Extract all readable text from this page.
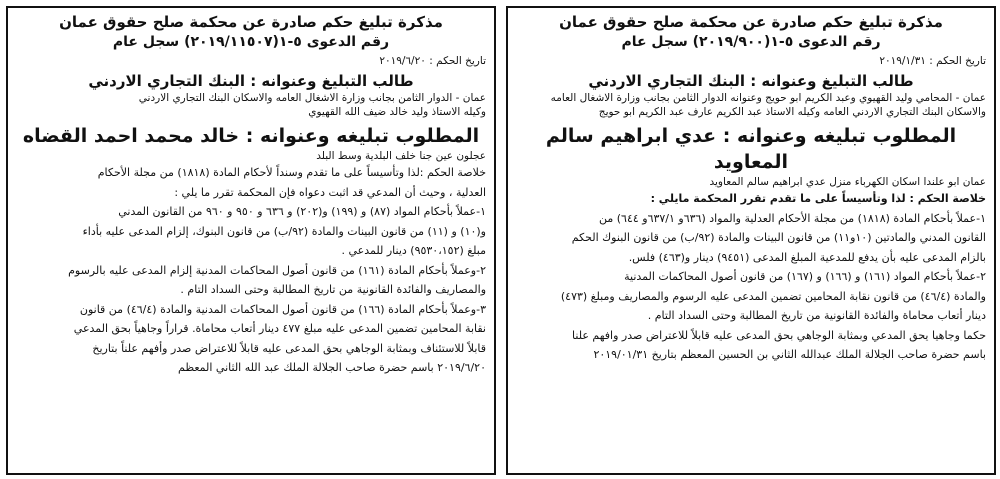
مذكرة تبليغ حكم صادرة عن محكمة صلح حقوق عمان
رقم الدعوى ٥-١(٢٠١٩/٩٠٠) سجل عام
تاريخ الحكم : ٢٠١٩/١/٣١
طالب التبليغ وعنوانه : البنك التجاري الاردني
عمان - المحامي وليد القهيوي وعبد الكريم ابو حويج وعنوانه الدوار الثامن بجانب وزارة الاشغال العامه
والاسكان البنك التجاري الاردني العامه وكيله الاستاذ عبد الكريم عارف عبد الكريم ابو حويج
المطلوب تبليغه وعنوانه : عدي ابراهيم سالم المعاويد
عمان ابو علندا اسكان الكهرباء منزل عدي ابراهيم سالم المعاويد
خلاصة الحكم : لذا وتأسيساً على ما تقدم تقرر المحكمة مايلي :
١-عملاً بأحكام المادة (١٨١٨) من مجلة الأحكام العدلية والمواد (٦٣٦و ٦٣٧/١و ٦٤٤) من
القانون المدني والمادتين (١٠و١١) من قانون البينات والمادة (٩٢/ب) من قانون البنوك الحكم
بالزام المدعى عليه بأن يدفع للمدعية المبلغ المدعى (٩٤٥١) دينار و(٤٦٣) فلس.
٢-عملاً بأحكام المواد (١٦١) و (١٦٦) و (١٦٧) من قانون أصول المحاكمات المدنية
والمادة (٤٦/٤) من قانون نقابة المحامين تضمين المدعى عليه الرسوم والمصاريف ومبلغ (٤٧٣)
دينار أتعاب محاماة والفائدة القانونية من تاريخ المطالبة وحتى السداد التام .
حكما وجاهيا يحق المدعي وبمثابة الوجاهي بحق المدعى عليه قابلاً للاعتراض صدر وافهم علنا
باسم حضرة صاحب الجلالة الملك عبدالله الثاني بن الحسين المعظم بتاريخ ٢٠١٩/٠١/٣١
مذكرة تبليغ حكم صادرة عن محكمة صلح حقوق عمان
رقم الدعوى ٥-١(٢٠١٩/١١٥٠٧) سجل عام
تاريخ الحكم : ٢٠١٩/٦/٢٠
طالب التبليغ وعنوانه : البنك التجاري الاردني
عمان - الدوار الثامن بجانب وزارة الاشغال العامه والاسكان البنك التجاري الاردني
وكيله الاستاذ وليد خالد ضيف الله القهيوي
المطلوب تبليغه وعنوانه : خالد محمد احمد القضاه
عجلون عين جنا خلف البلدية وسط البلد
خلاصة الحكم :لذا وتأسيساً على ما تقدم وسنداً لأحكام المادة (١٨١٨) من مجلة الأحكام
العدلية ، وحيث أن المدعي قد اثبت دعواه فإن المحكمة تقرر ما يلي :
١-عملاً بأحكام المواد (٨٧) و (١٩٩) و(٢٠٢) و ٦٣٦ و ٩٥٠ و ٩٦٠ من القانون المدني
و(١٠) و (١١) من قانون البينات والمادة (٩٢/ب) من قانون البنوك، إلزام المدعى عليه بأداء
مبلغ (٩٥٣٠،١٥٢) دينار للمدعي .
٢-وعملاً بأحكام المادة (١٦١) من قانون أصول المحاكمات المدنية إلزام المدعى عليه بالرسوم
والمصاريف والفائدة القانونية من تاريخ المطالبة وحتى السداد التام .
٣-وعملاً بأحكام المادة (١٦٦) من قانون أصول المحاكمات المدنية والمادة (٤٦/٤) من قانون
نقابة المحامين تضمين المدعى عليه مبلغ ٤٧٧ دينار أتعاب محاماة. قراراً وجاهياً بحق المدعي
قابلاً للاستئناف وبمثابة الوجاهي بحق المدعى عليه قابلاً للاعتراض صدر وأفهم علناً بتاريخ
٢٠١٩/٦/٢٠ باسم حضرة صاحب الجلالة الملك عبد الله الثاني المعظم
